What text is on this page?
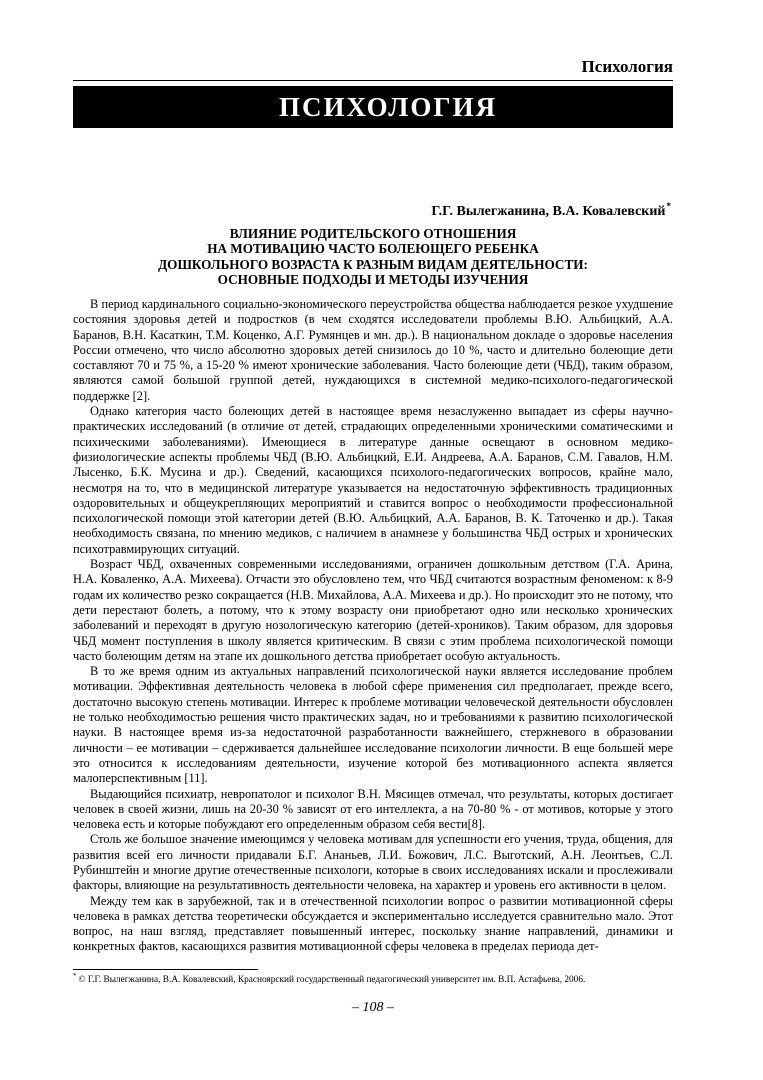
Психология
ПСИХОЛОГИЯ
Г.Г. Вылегжанина, В.А. Ковалевский*
ВЛИЯНИЕ РОДИТЕЛЬСКОГО ОТНОШЕНИЯ
НА МОТИВАЦИЮ ЧАСТО БОЛЕЮЩЕГО РЕБЕНКА
ДОШКОЛЬНОГО ВОЗРАСТА К РАЗНЫМ ВИДАМ ДЕЯТЕЛЬНОСТИ:
ОСНОВНЫЕ ПОДХОДЫ И МЕТОДЫ ИЗУЧЕНИЯ

В период кардинального социально-экономического переустройства общества наблюдается резкое ухудшение состояния здоровья детей и подростков (в чем сходятся исследователи проблемы В.Ю. Альбицкий, А.А. Баранов, В.Н. Касаткин, Т.М. Коценко, А.Г. Румянцев и мн. др.). В национальном докладе о здоровье населения России отмечено, что число абсолютно здоровых детей снизилось до 10 %, часто и длительно болеющие дети составляют 70 и 75 %, а 15-20 % имеют хронические заболевания. Часто болеющие дети (ЧБД), таким образом, являются самой большой группой детей, нуждающихся в системной медико-психолого-педагогической поддержке [2].

Однако категория часто болеющих детей в настоящее время незаслуженно выпадает из сферы научно-практических исследований (в отличие от детей, страдающих определенными хроническими соматическими и психическими заболеваниями). Имеющиеся в литературе данные освещают в основном медико-физиологические аспекты проблемы ЧБД (В.Ю. Альбицкий, Е.И. Андреева, А.А. Баранов, С.М. Гавалов, Н.М. Лысенко, Б.К. Мусина и др.). Сведений, касающихся психолого-педагогических вопросов, крайне мало, несмотря на то, что в медицинской литературе указывается на недостаточную эффективность традиционных оздоровительных и общеукрепляющих мероприятий и ставится вопрос о необходимости профессиональной психологической помощи этой категории детей (В.Ю. Альбицкий, А.А. Баранов, В. К. Таточенко и др.). Такая необходимость связана, по мнению медиков, с наличием в анамнезе у большинства ЧБД острых и хронических психотравмирующих ситуаций.

Возраст ЧБД, охваченных современными исследованиями, ограничен дошкольным детством (Г.А. Арина, Н.А. Коваленко, А.А. Михеева). Отчасти это обусловлено тем, что ЧБД считаются возрастным феноменом: к 8-9 годам их количество резко сокращается (Н.В. Михайлова, А.А. Михеева и др.). Но происходит это не потому, что дети перестают болеть, а потому, что к этому возрасту они приобретают одно или несколько хронических заболеваний и переходят в другую нозологическую категорию (детей-хроников). Таким образом, для здоровья ЧБД момент поступления в школу является критическим. В связи с этим проблема психологической помощи часто болеющим детям на этапе их дошкольного детства приобретает особую актуальность.

В то же время одним из актуальных направлений психологической науки является исследование проблем мотивации. Эффективная деятельность человека в любой сфере применения сил предполагает, прежде всего, достаточно высокую степень мотивации. Интерес к проблеме мотивации человеческой деятельности обусловлен не только необходимостью решения чисто практических задач, но и требованиями к развитию психологической науки. В настоящее время из-за недостаточной разработанности важнейшего, стержневого в образовании личности – ее мотивации – сдерживается дальнейшее исследование психологии личности. В еще большей мере это относится к исследованиям деятельности, изучение которой без мотивационного аспекта является малоперспективным [11].

Выдающийся психиатр, невропатолог и психолог В.Н. Мясищев отмечал, что результаты, которых достигает человек в своей жизни, лишь на 20-30 % зависят от его интеллекта, а на 70-80 % - от мотивов, которые у этого человека есть и которые побуждают его определенным образом себя вести[8].

Столь же большое значение имеющимся у человека мотивам для успешности его учения, труда, общения, для развития всей его личности придавали Б.Г. Ананьев, Л.И. Божович, Л.С. Выготский, А.Н. Леонтьев, С.Л. Рубинштейн и многие другие отечественные психологи, которые в своих исследованиях искали и прослеживали факторы, влияющие на результативность деятельности человека, на характер и уровень его активности в целом.

Между тем как в зарубежной, так и в отечественной психологии вопрос о развитии мотивационной сферы человека в рамках детства теоретически обсуждается и экспериментально исследуется сравнительно мало. Этот вопрос, на наш взгляд, представляет повышенный интерес, поскольку знание направлений, динамики и конкретных фактов, касающихся развития мотивационной сферы человека в пределах периода дет-

* © Г.Г. Вылегжанина, В.А. Ковалевский, Красноярский государственный педагогический университет им. В.П. Астафьева, 2006.
– 108 –
